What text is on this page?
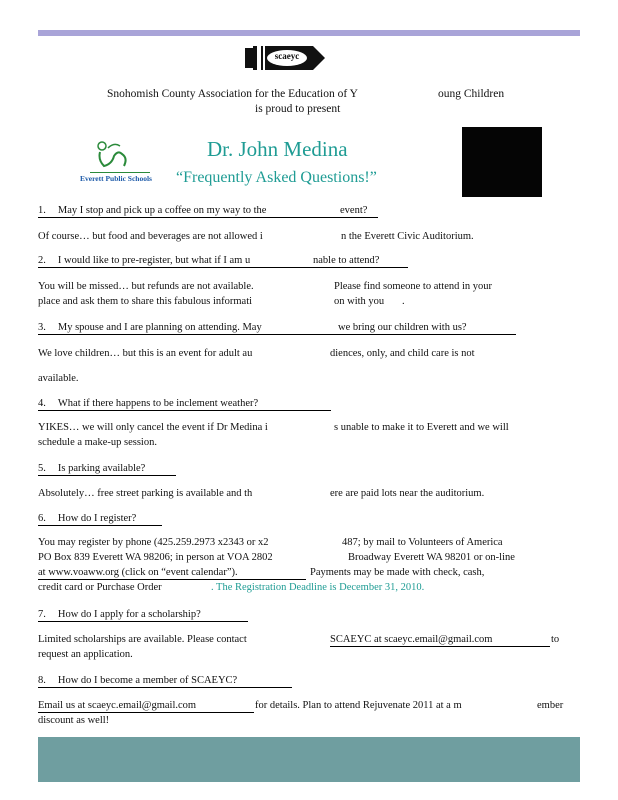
scaeyc
Snohomish County Association for the Education of Y	oung Children
is proud to present
Everett Public Schools
Dr. John Medina
“Frequently Asked Questions!”
1. May I stop and pick up a coffee on my way to the	event?
Of course… but food and beverages are not allowed i	n the Everett Civic Auditorium.
2. I would like to pre-register, but what if I am u	nable to attend?
You will be missed… but refunds are not available.	Please find someone to attend in your
place and ask them to share this fabulous informati	on with you .
3. My spouse and I are planning on attending. May	we bring our children with us?
We love children… but this is an event for adult au	diences, only, and child care is not
available.
4. What if there happens to be inclement weather?
YIKES… we will only cancel the event if Dr Medina i	s unable to make it to Everett and we will
schedule a make-up session.
5. Is parking available?
Absolutely… free street parking is available and th	ere are paid lots near the auditorium.
6. How do I register?
You may register by phone (425.259.2973 x2343 or x2	487; by mail to Volunteers of America
PO Box 839 Everett WA 98206; in person at VOA 2802	Broadway Everett WA 98201 or on-line
at www.voaww.org (click on “event calendar”).	Payments may be made with check, cash,
credit card or Purchase Order	. The Registration Deadline is December 31, 2010.
7. How do I apply for a scholarship?
Limited scholarships are available. Please contact	SCAEYC at scaeyc.email@gmail.com	to
request an application.
8. How do I become a member of SCAEYC?
Email us at scaeyc.email@gmail.com	for details. Plan to attend Rejuvenate 2011 at a m	ember
discount as well!
